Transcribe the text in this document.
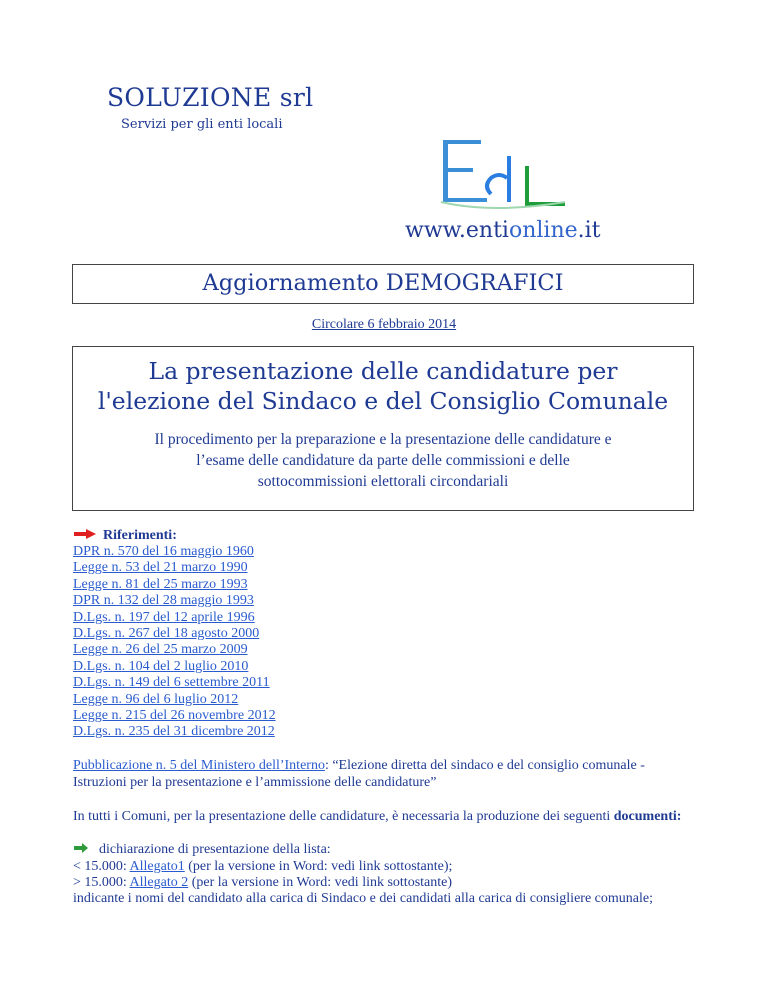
SOLUZIONE srl
Servizi per gli enti locali
www.entionline.it
Aggiornamento DEMOGRAFICI
Circolare 6 febbraio 2014
La presentazione delle candidature per
l'elezione del Sindaco e del Consiglio Comunale
Il procedimento per la preparazione e la presentazione delle candidature e
l’esame delle candidature da parte delle commissioni e delle
sottocommissioni elettorali circondariali
Riferimenti:
DPR n. 570 del 16 maggio 1960
Legge n. 53 del 21 marzo 1990
Legge n. 81 del 25 marzo 1993
DPR n. 132 del 28 maggio 1993
D.Lgs. n. 197 del 12 aprile 1996
D.Lgs. n. 267 del 18 agosto 2000
Legge n. 26 del 25 marzo 2009
D.Lgs. n. 104 del 2 luglio 2010
D.Lgs. n. 149 del 6 settembre 2011
Legge n. 96 del 6 luglio 2012
Legge n. 215 del 26 novembre 2012
D.Lgs. n. 235 del 31 dicembre 2012
Pubblicazione n. 5 del Ministero dell’Interno: “Elezione diretta del sindaco e del consiglio comunale - Istruzioni per la presentazione e l’ammissione delle candidature”
In tutti i Comuni, per la presentazione delle candidature, è necessaria la produzione dei seguenti documenti:
dichiarazione di presentazione della lista:
< 15.000: Allegato1 (per la versione in Word: vedi link sottostante);
> 15.000: Allegato 2 (per la versione in Word: vedi link sottostante)
indicante i nomi del candidato alla carica di Sindaco e dei candidati alla carica di consigliere comunale;
